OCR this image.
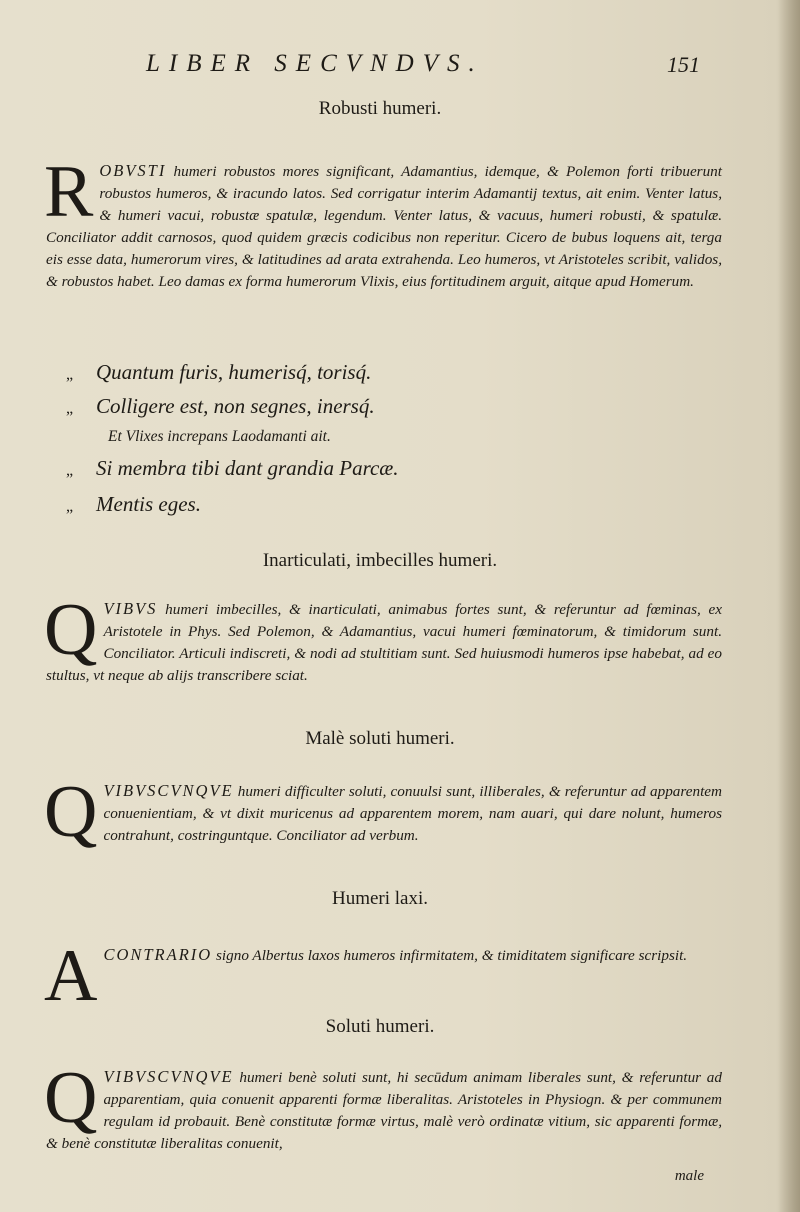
LIBER SECVNDVS.	151
Robusti humeri.
R OBVSTI humeri robustos mores significant, Adamantius, idemque, & Polemon forti tribuerunt robustos humeros, & iracundo latos. Sed corrigatur interim Adamantij textus, ait enim. Venter latus, & humeri vacui, robustæ spatulæ, legendum. Venter latus, & vacuus, humeri robusti, & spatulæ. Conciliator addit carnosos, quod quidem græcis codicibus non reperitur. Cicero de bubus loquens ait, terga eis esse data, humerorum vires, & latitudines ad arata extrahenda. Leo humeros, vt Aristoteles scribit, validos, & robustos habet. Leo damas ex forma humerorum Vlixis, eius fortitudinem arguit, aitque apud Homerum.
„ Quantum furis, humerisq́, torisq́.
„ Colligere est, non segnes, inersq́.
Et Vlixes increpans Laodamanti ait.
„ Si membra tibi dant grandia Parcæ.
„ Mentis eges.
Inarticulati, imbecilles humeri.
Q VIBVS humeri imbecilles, & inarticulati, animabus fortes sunt, & referuntur ad fœminas, ex Aristotele in Phys. Sed Polemon, & Adamantius, vacui humeri fœminatorum, & timidorum sunt. Conciliator. Articuli indiscreti, & nodi ad stultitiam sunt. Sed huiusmodi humeros ipse habebat, ad eo stultus, vt neque ab alijs transcribere sciat.
Malè soluti humeri.
Q VIBVSCVNQVE humeri difficulter soluti, conuulsi sunt, illiberales, & referuntur ad apparentem conuenientiam, & vt dixit muricenus ad apparentem morem, nam auari, qui dare nolunt, humeros contrahunt, costringuntque. Conciliator ad verbum.
Humeri laxi.
A CONTRARIO signo Albertus laxos humeros infirmitatem, & timiditatem significare scripsit.
Soluti humeri.
Q VIBVSCVNQVE humeri benè soluti sunt, hi secūdum animam liberales sunt, & referuntur ad apparentiam, quia conuenit apparenti formæ liberalitas. Aristoteles in Physiogn. & per communem regulam id probauit. Benè constitutæ formæ virtus, malè verò ordinatæ vitium, sic apparenti formæ, & benè constitutæ liberalitas conuenit,
male
